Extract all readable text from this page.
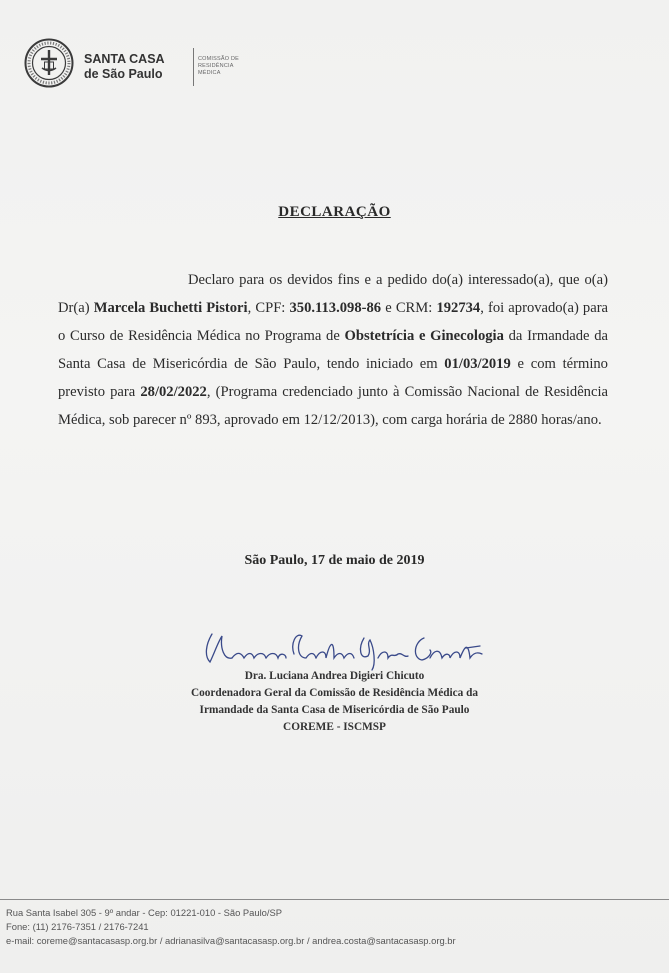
SANTA CASA
de São Paulo
COMISSÃO DE
RESIDÊNCIA
MÉDICA
DECLARAÇÃO
Declaro para os devidos fins e a pedido do(a) interessado(a), que o(a) Dr(a) Marcela Buchetti Pistori, CPF: 350.113.098-86 e CRM: 192734, foi aprovado(a) para o Curso de Residência Médica no Programa de Obstetrícia e Ginecologia da Irmandade da Santa Casa de Misericórdia de São Paulo, tendo iniciado em 01/03/2019 e com término previsto para 28/02/2022, (Programa credenciado junto à Comissão Nacional de Residência Médica, sob parecer nº 893, aprovado em 12/12/2013), com carga horária de 2880 horas/ano.
São Paulo, 17 de maio de 2019
Dra. Luciana Andrea Digieri Chicuto
Coordenadora Geral da Comissão de Residência Médica da
Irmandade da Santa Casa de Misericórdia de São Paulo
COREME - ISCMSP
Rua Santa Isabel 305 - 9º andar - Cep: 01221-010 - São Paulo/SP
Fone: (11) 2176-7351 / 2176-7241
e-mail: coreme@santacasasp.org.br / adrianasilva@santacasasp.org.br / andrea.costa@santacasasp.org.br
